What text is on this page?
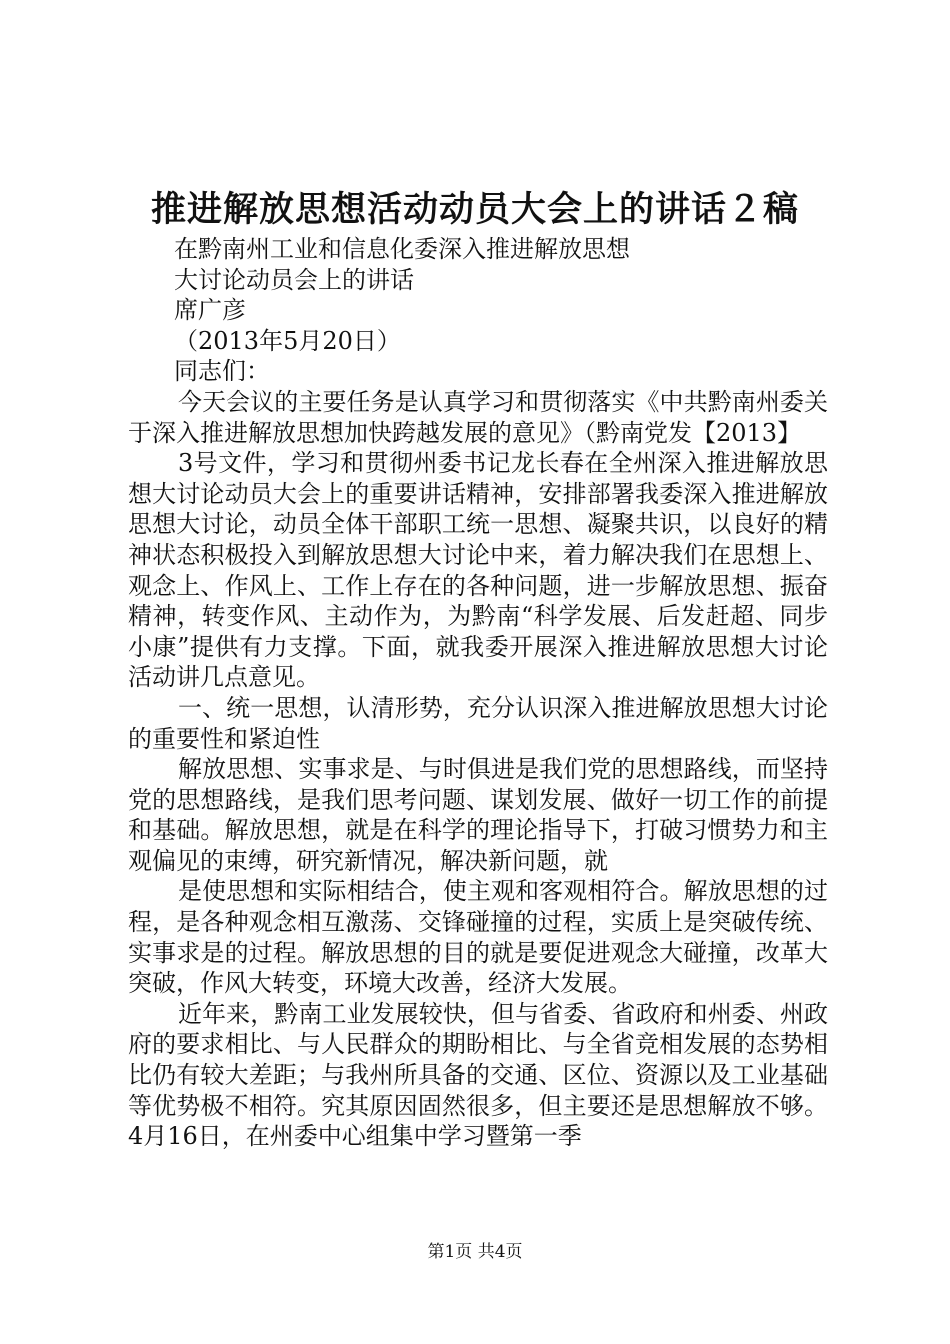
推进解放思想活动动员大会上的讲话２稿

在黔南州工业和信息化委深入推进解放思想

大讨论动员会上的讲话

席广彦

（2013年5月20日）

同志们：

今天会议的主要任务是认真学习和贯彻落实《中共黔南州委关于深入推进解放思想加快跨越发展的意见》（黔南党发【2013】

3号文件，学习和贯彻州委书记龙长春在全州深入推进解放思想大讨论动员大会上的重要讲话精神，安排部署我委深入推进解放思想大讨论，动员全体干部职工统一思想、凝聚共识，以良好的精神状态积极投入到解放思想大讨论中来，着力解决我们在思想上、观念上、作风上、工作上存在的各种问题，进一步解放思想、振奋精神，转变作风、主动作为，为黔南“科学发展、后发赶超、同步小康”提供有力支撑。下面，就我委开展深入推进解放思想大讨论活动讲几点意见。

一、统一思想，认清形势，充分认识深入推进解放思想大讨论的重要性和紧迫性

解放思想、实事求是、与时俱进是我们党的思想路线，而坚持党的思想路线，是我们思考问题、谋划发展、做好一切工作的前提和基础。解放思想，就是在科学的理论指导下，打破习惯势力和主观偏见的束缚，研究新情况，解决新问题，就

是使思想和实际相结合，使主观和客观相符合。解放思想的过程，是各种观念相互激荡、交锋碰撞的过程，实质上是突破传统、实事求是的过程。解放思想的目的就是要促进观念大碰撞，改革大突破，作风大转变，环境大改善，经济大发展。

近年来，黔南工业发展较快，但与省委、省政府和州委、州政府的要求相比、与人民群众的期盼相比、与全省竞相发展的态势相比仍有较大差距；与我州所具备的交通、区位、资源以及工业基础等优势极不相符。究其原因固然很多，但主要还是思想解放不够。4月16日，在州委中心组集中学习暨第一季

第1页 共4页
